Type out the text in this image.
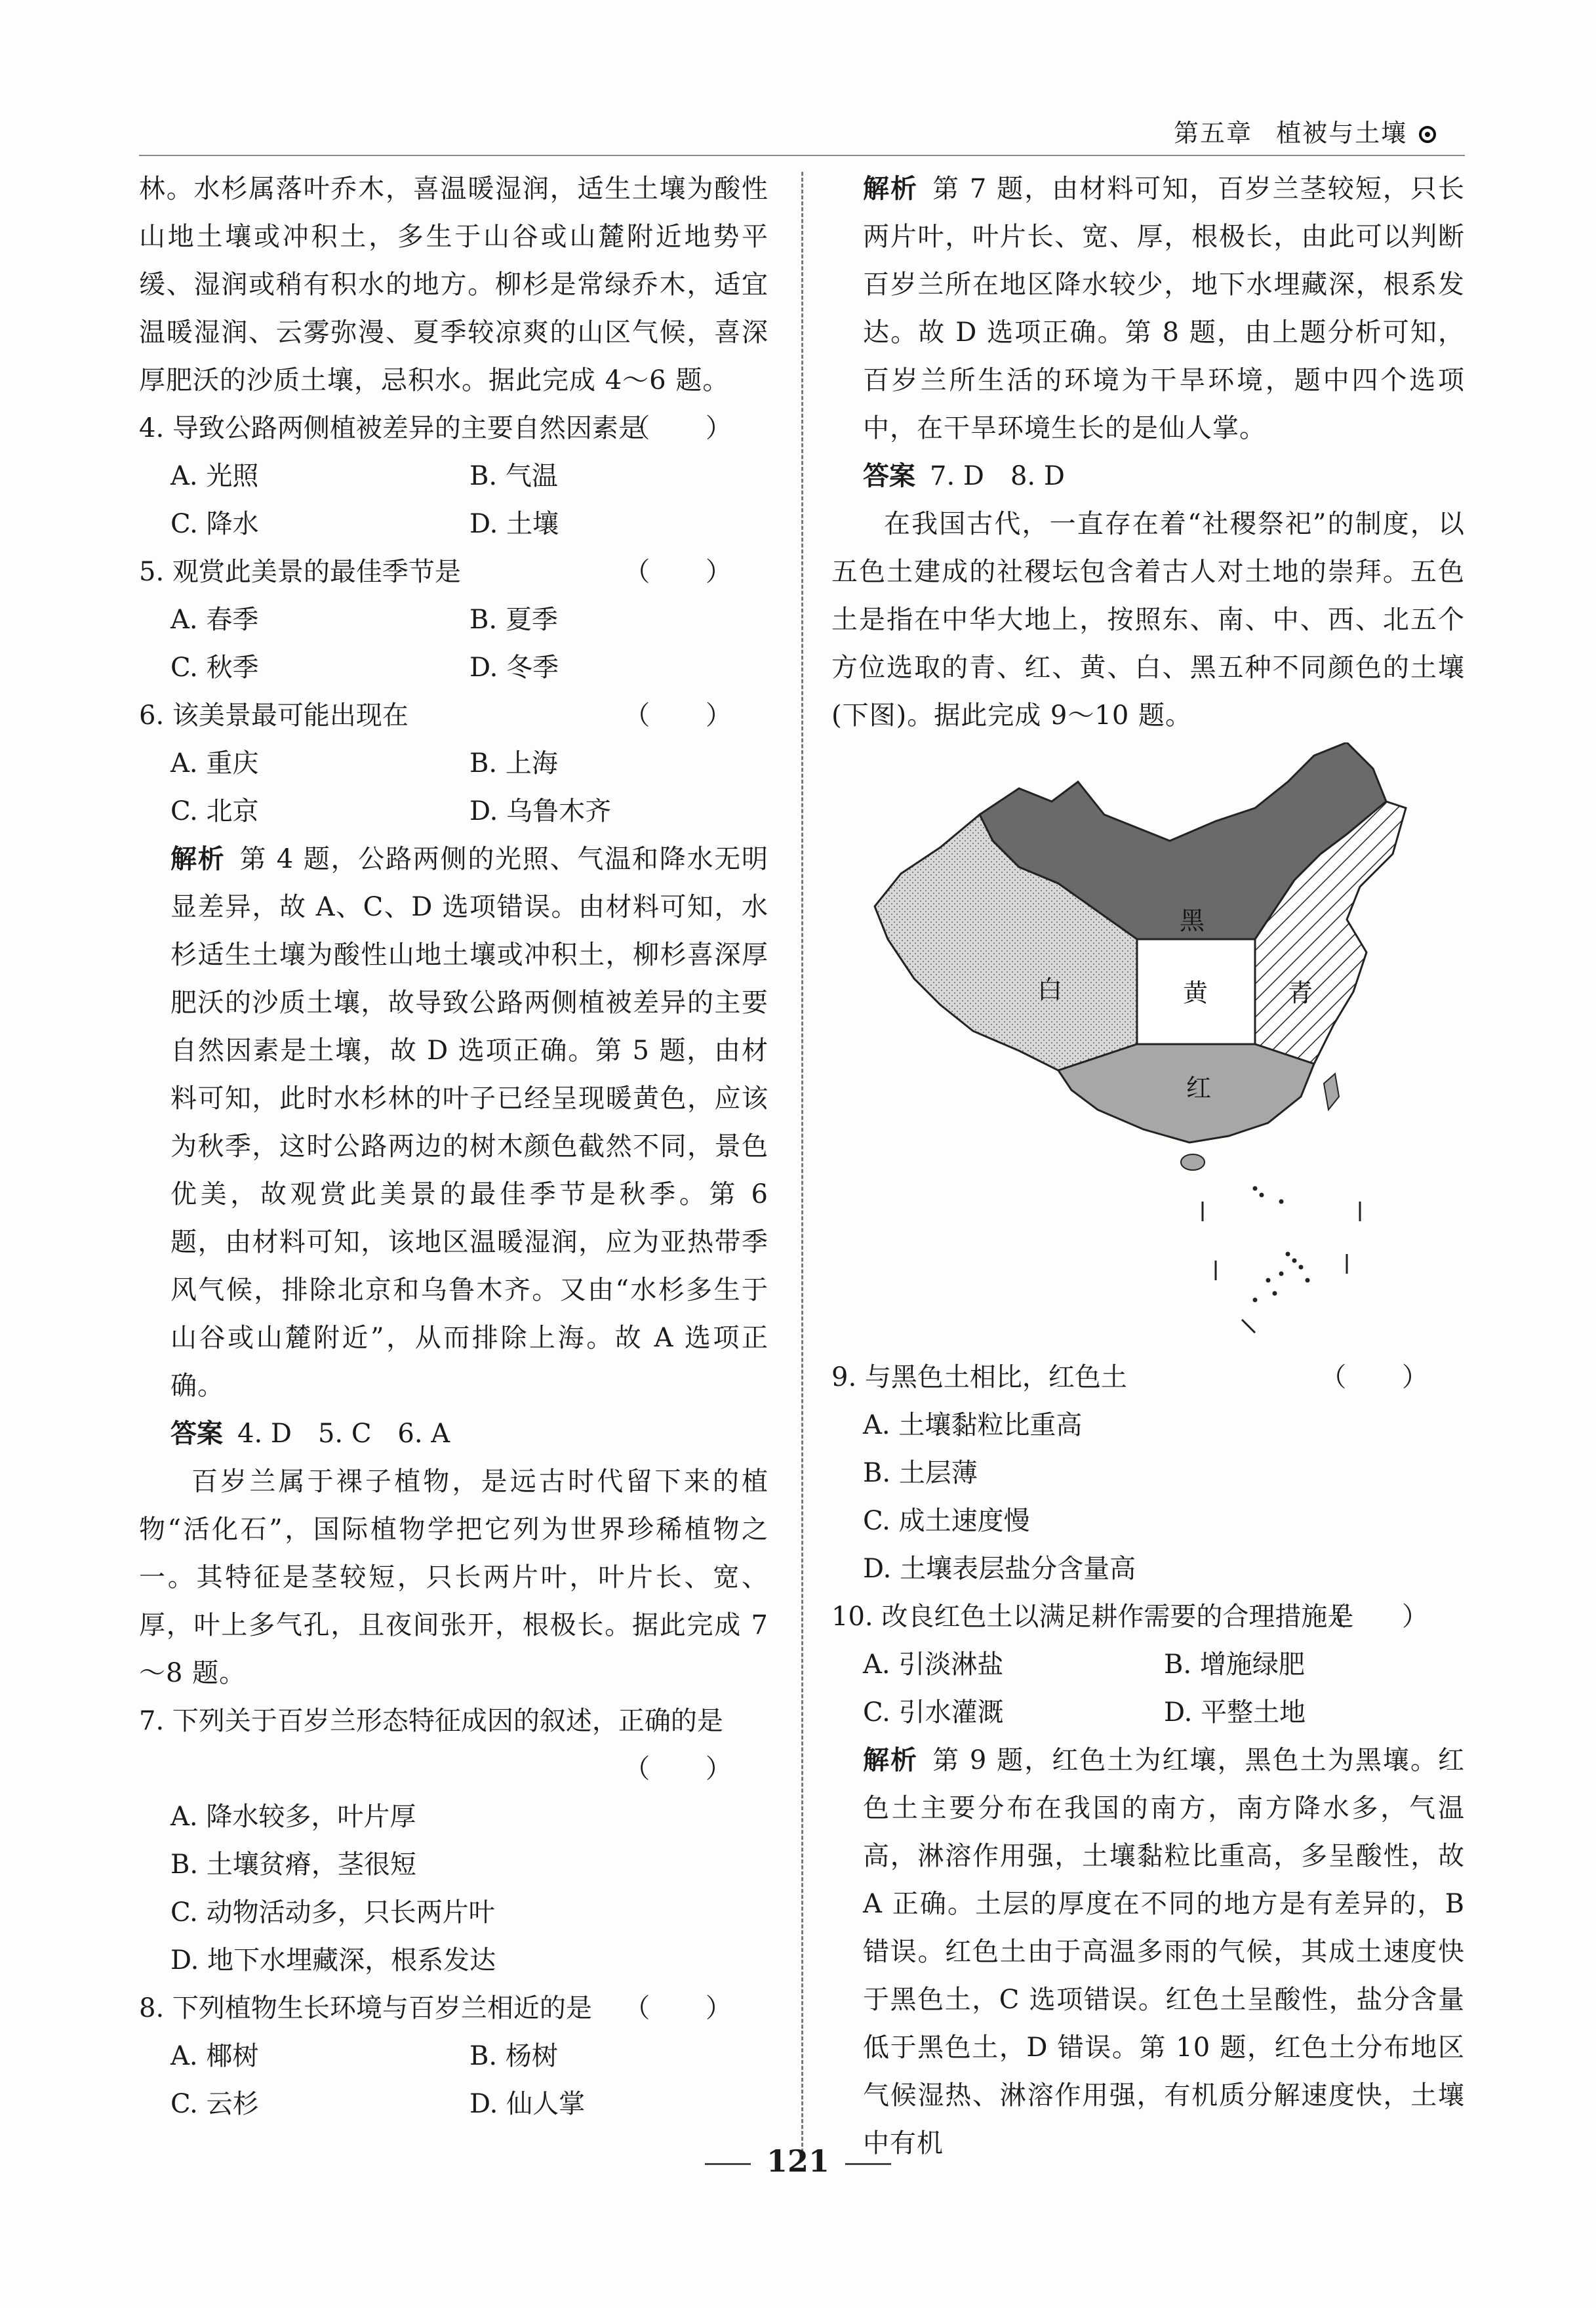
第五章 植被与土壤
林。水杉属落叶乔木，喜温暖湿润，适生土壤为酸性山地土壤或冲积土，多生于山谷或山麓附近地势平缓、湿润或稍有积水的地方。柳杉是常绿乔木，适宜温暖湿润、云雾弥漫、夏季较凉爽的山区气候，喜深厚肥沃的沙质土壤，忌积水。据此完成 4～6 题。
4. 导致公路两侧植被差异的主要自然因素是
（ ）
A. 光照	B. 气温
C. 降水	D. 土壤
5. 观赏此美景的最佳季节是	（ ）
A. 春季	B. 夏季
C. 秋季	D. 冬季
6. 该美景最可能出现在	（ ）
A. 重庆	B. 上海
C. 北京	D. 乌鲁木齐
解析 第 4 题，公路两侧的光照、气温和降水无明显差异，故 A、C、D 选项错误。由材料可知，水杉适生土壤为酸性山地土壤或冲积土，柳杉喜深厚肥沃的沙质土壤，故导致公路两侧植被差异的主要自然因素是土壤，故 D 选项正确。第 5 题，由材料可知，此时水杉林的叶子已经呈现暖黄色，应该为秋季，这时公路两边的树木颜色截然不同，景色优美，故观赏此美景的最佳季节是秋季。第 6 题，由材料可知，该地区温暖湿润，应为亚热带季风气候，排除北京和乌鲁木齐。又由“水杉多生于山谷或山麓附近”，从而排除上海。故 A 选项正确。
答案 4. D　5. C　6. A
百岁兰属于裸子植物，是远古时代留下来的植物“活化石”，国际植物学把它列为世界珍稀植物之一。其特征是茎较短，只长两片叶，叶片长、宽、厚，叶上多气孔，且夜间张开，根极长。据此完成 7～8 题。
7. 下列关于百岁兰形态特征成因的叙述，正确的是
（ ）
A. 降水较多，叶片厚
B. 土壤贫瘠，茎很短
C. 动物活动多，只长两片叶
D. 地下水埋藏深，根系发达
8. 下列植物生长环境与百岁兰相近的是 （ ）
A. 椰树	B. 杨树
C. 云杉	D. 仙人掌
解析 第 7 题，由材料可知，百岁兰茎较短，只长两片叶，叶片长、宽、厚，根极长，由此可以判断百岁兰所在地区降水较少，地下水埋藏深，根系发达。故 D 选项正确。第 8 题，由上题分析可知，百岁兰所生活的环境为干旱环境，题中四个选项中，在干旱环境生长的是仙人掌。
答案 7. D　8. D
在我国古代，一直存在着“社稷祭祀”的制度，以五色土建成的社稷坛包含着古人对土地的崇拜。五色土是指在中华大地上，按照东、南、中、西、北五个方位选取的青、红、黄、白、黑五种不同颜色的土壤(下图)。据此完成 9～10 题。
黑
白	黄	青
红
9. 与黑色土相比，红色土	（ ）
A. 土壤黏粒比重高
B. 土层薄
C. 成土速度慢
D. 土壤表层盐分含量高
10. 改良红色土以满足耕作需要的合理措施是
（ ）
A. 引淡淋盐	B. 增施绿肥
C. 引水灌溉	D. 平整土地
解析 第 9 题，红色土为红壤，黑色土为黑壤。红色土主要分布在我国的南方，南方降水多，气温高，淋溶作用强，土壤黏粒比重高，多呈酸性，故 A 正确。土层的厚度在不同的地方是有差异的，B 错误。红色土由于高温多雨的气候，其成土速度快于黑色土，C 选项错误。红色土呈酸性，盐分含量低于黑色土，D 错误。第 10 题，红色土分布地区气候湿热、淋溶作用强，有机质分解速度快，土壤中有机
121
